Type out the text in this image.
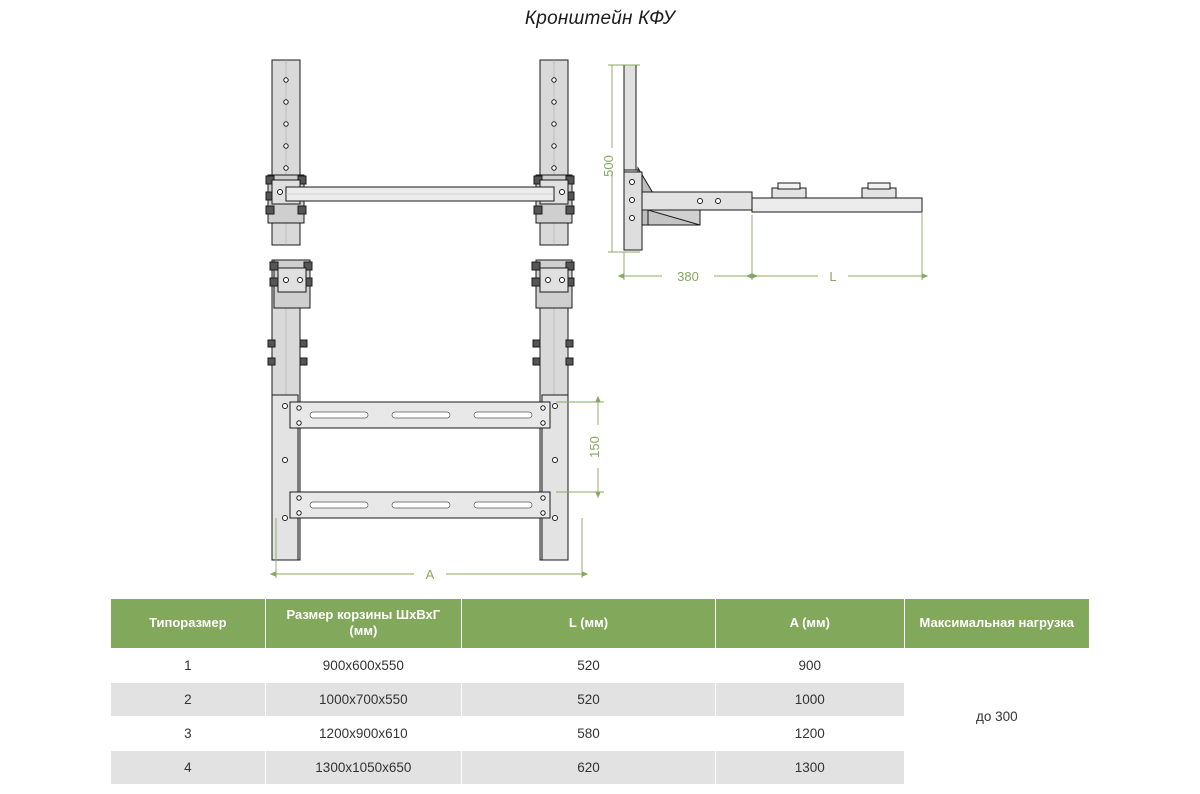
Кронштейн КФУ
500
380	L
150
A
Типоразмер	Размер корзины ШхВхГ (мм)	L (мм)	A (мм)	Максимальная нагрузка
1	900x600x550	520	900	до 300
2	1000x700x550	520	1000	
3	1200x900x610	580	1200	
4	1300x1050x650	620	1300	
